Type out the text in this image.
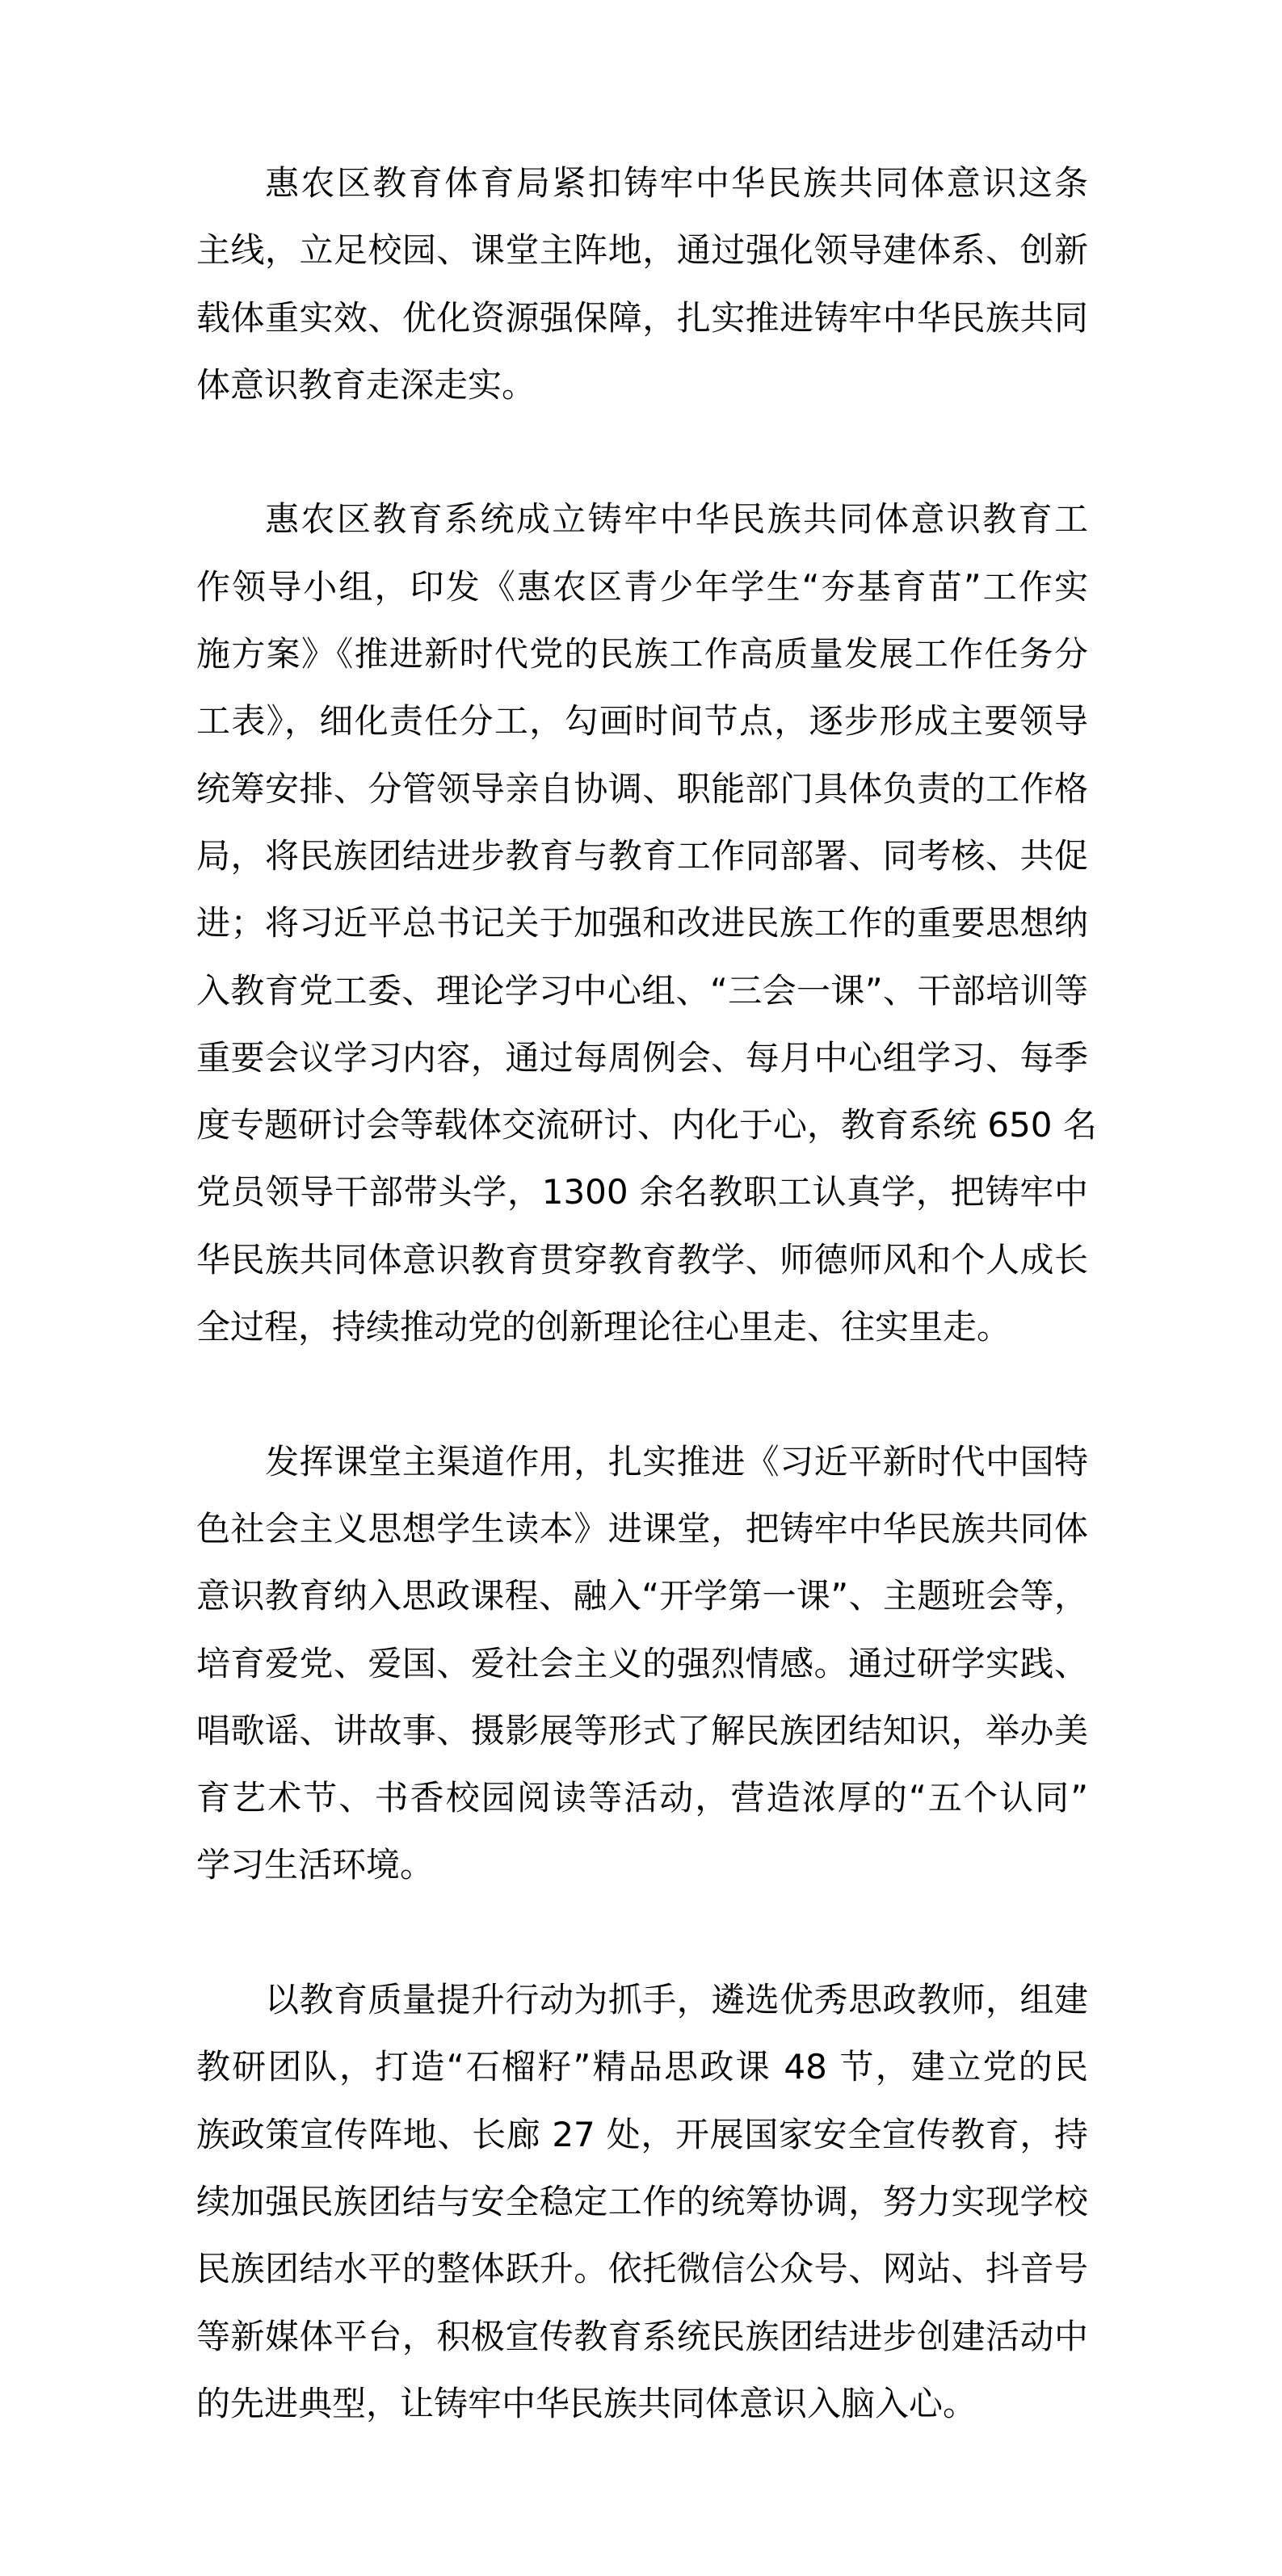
惠农区教育体育局紧扣铸牢中华民族共同体意识这条
主线，立足校园、课堂主阵地，通过强化领导建体系、创新
载体重实效、优化资源强保障，扎实推进铸牢中华民族共同
体意识教育走深走实。
惠农区教育系统成立铸牢中华民族共同体意识教育工
作领导小组，印发《惠农区青少年学生“夯基育苗”工作实
施方案》《推进新时代党的民族工作高质量发展工作任务分
工表》，细化责任分工，勾画时间节点，逐步形成主要领导
统筹安排、分管领导亲自协调、职能部门具体负责的工作格
局，将民族团结进步教育与教育工作同部署、同考核、共促
进；将习近平总书记关于加强和改进民族工作的重要思想纳
入教育党工委、理论学习中心组、“三会一课”、干部培训等
重要会议学习内容，通过每周例会、每月中心组学习、每季
度专题研讨会等载体交流研讨、内化于心，教育系统 650 名
党员领导干部带头学，1300 余名教职工认真学，把铸牢中
华民族共同体意识教育贯穿教育教学、师德师风和个人成长
全过程，持续推动党的创新理论往心里走、往实里走。
发挥课堂主渠道作用，扎实推进《习近平新时代中国特
色社会主义思想学生读本》进课堂，把铸牢中华民族共同体
意识教育纳入思政课程、融入“开学第一课”、主题班会等，
培育爱党、爱国、爱社会主义的强烈情感。通过研学实践、
唱歌谣、讲故事、摄影展等形式了解民族团结知识，举办美
育艺术节、书香校园阅读等活动，营造浓厚的“五个认同”
学习生活环境。
以教育质量提升行动为抓手，遴选优秀思政教师，组建
教研团队，打造“石榴籽”精品思政课 48 节，建立党的民
族政策宣传阵地、长廊 27 处，开展国家安全宣传教育，持
续加强民族团结与安全稳定工作的统筹协调，努力实现学校
民族团结水平的整体跃升。依托微信公众号、网站、抖音号
等新媒体平台，积极宣传教育系统民族团结进步创建活动中
的先进典型，让铸牢中华民族共同体意识入脑入心。
